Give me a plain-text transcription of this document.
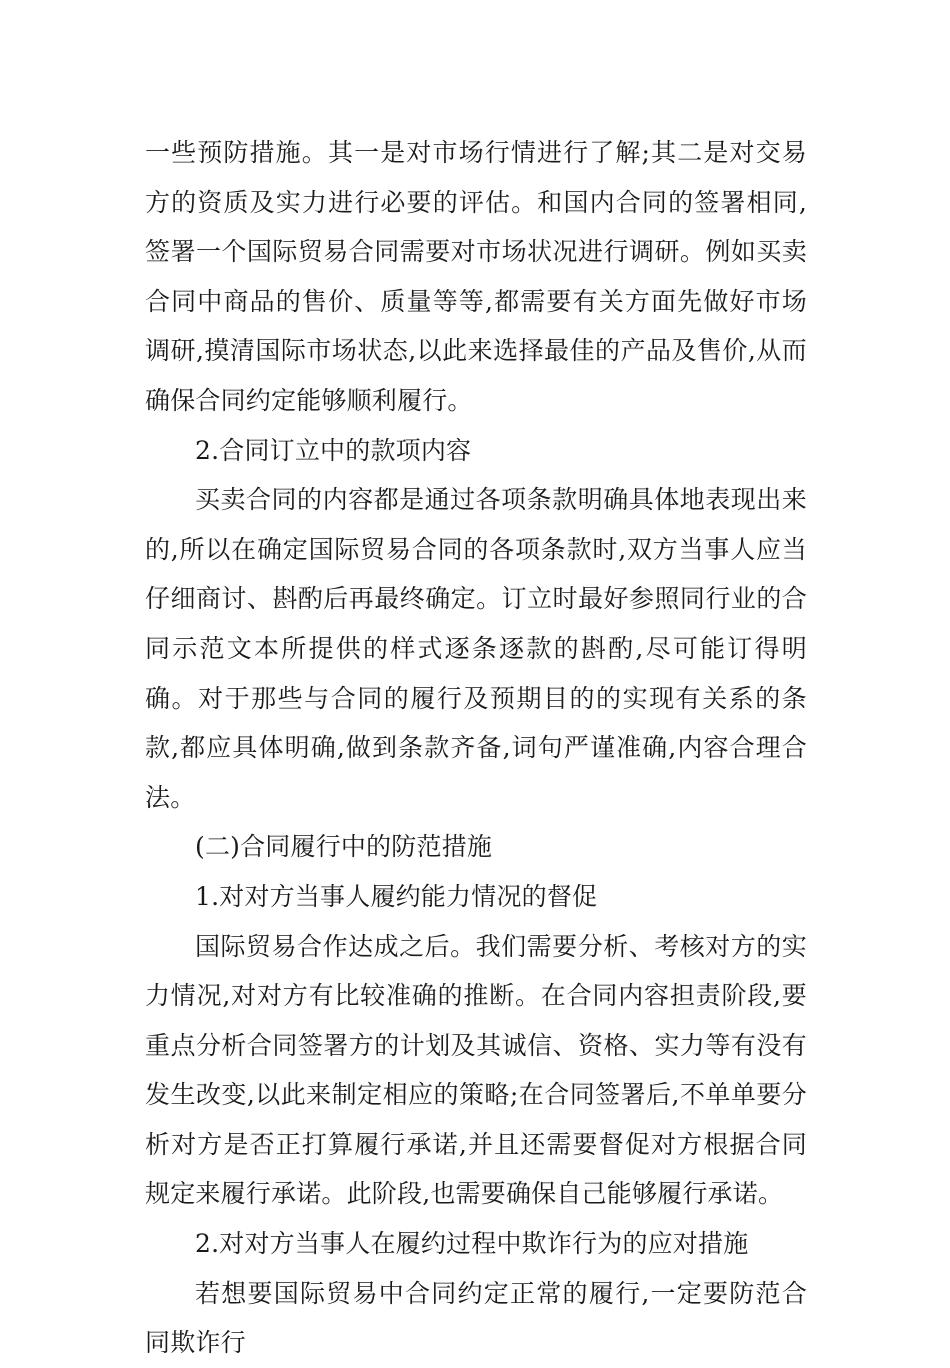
一些预防措施。其一是对市场行情进行了解;其二是对交易方的资质及实力进行必要的评估。和国内合同的签署相同,签署一个国际贸易合同需要对市场状况进行调研。例如买卖合同中商品的售价、质量等等,都需要有关方面先做好市场调研,摸清国际市场状态,以此来选择最佳的产品及售价,从而确保合同约定能够顺利履行。

2.合同订立中的款项内容

买卖合同的内容都是通过各项条款明确具体地表现出来的,所以在确定国际贸易合同的各项条款时,双方当事人应当仔细商讨、斟酌后再最终确定。订立时最好参照同行业的合同示范文本所提供的样式逐条逐款的斟酌,尽可能订得明确。对于那些与合同的履行及预期目的的实现有关系的条款,都应具体明确,做到条款齐备,词句严谨准确,内容合理合法。

(二)合同履行中的防范措施

1.对对方当事人履约能力情况的督促

国际贸易合作达成之后。我们需要分析、考核对方的实力情况,对对方有比较准确的推断。在合同内容担责阶段,要重点分析合同签署方的计划及其诚信、资格、实力等有没有发生改变,以此来制定相应的策略;在合同签署后,不单单要分析对方是否正打算履行承诺,并且还需要督促对方根据合同规定来履行承诺。此阶段,也需要确保自己能够履行承诺。

2.对对方当事人在履约过程中欺诈行为的应对措施

若想要国际贸易中合同约定正常的履行,一定要防范合同欺诈行
